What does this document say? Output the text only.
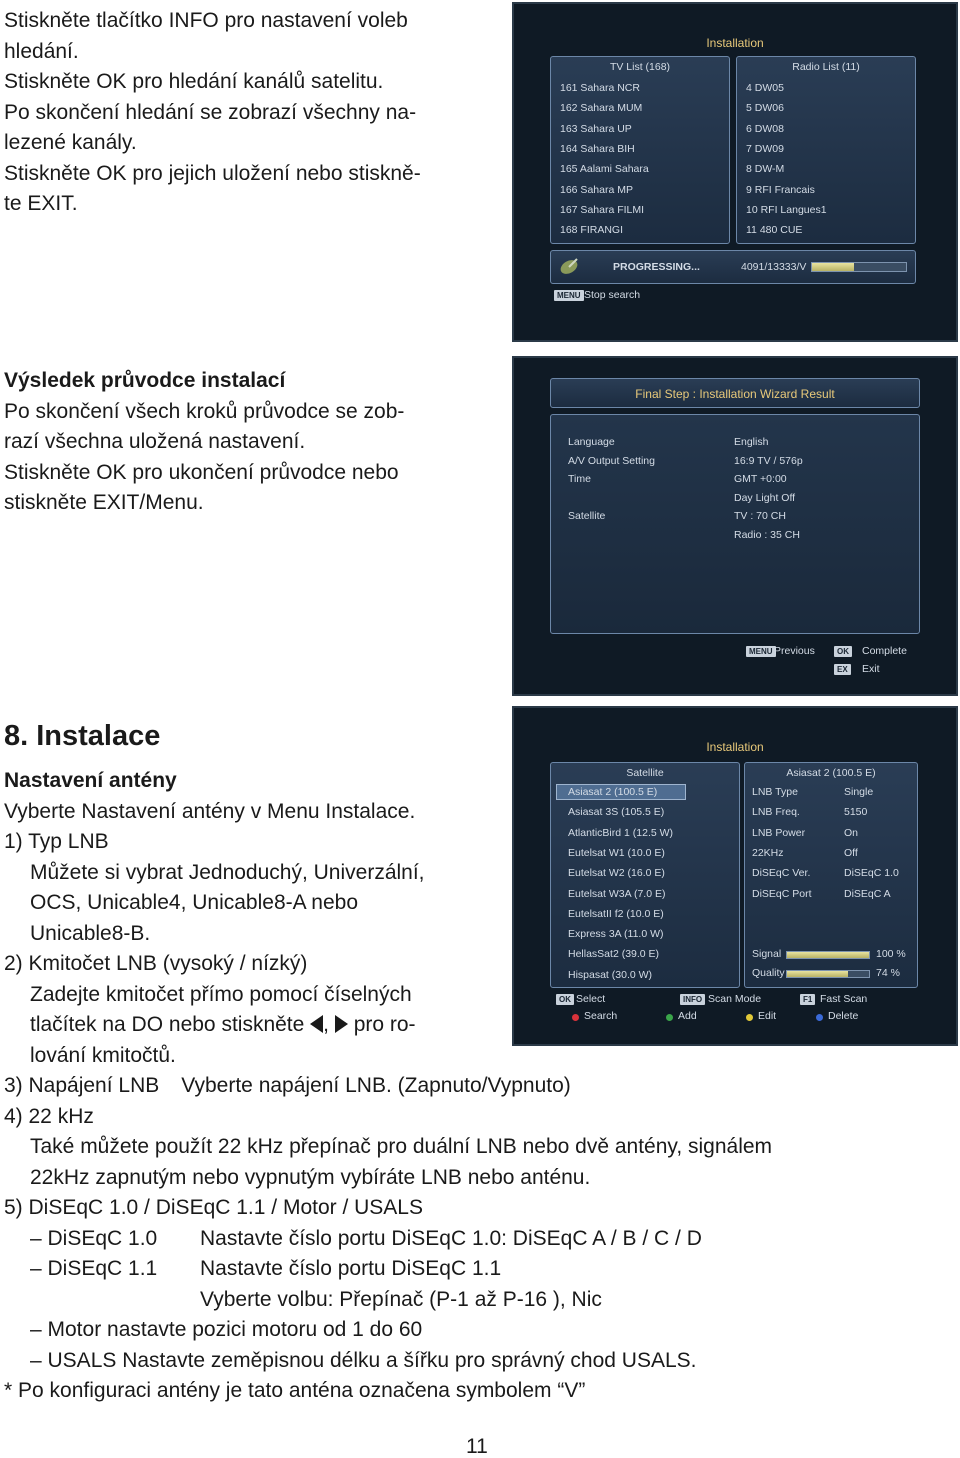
Stiskněte tlačítko INFO pro nastavení voleb
hledání.
Stiskněte OK pro hledání kanálů satelitu.
Po skončení hledání se zobrazí všechny na-
lezené kanály.
Stiskněte OK pro jejich uložení nebo stiskně-
te EXIT.
Installation
TV List (168)	Radio List (11)
161 Sahara NCR
162 Sahara MUM
163 Sahara UP
164 Sahara BIH
165 Aalami Sahara
166 Sahara MP
167 Sahara FILMI
168 FIRANGI
4 DW05
5 DW06
6 DW08
7 DW09
8 DW-M
9 RFI Francais
10 RFI Langues1
11 480 CUE
PROGRESSING...	4091/13333/V
MENU Stop search
Výsledek průvodce instalací
Po skončení všech kroků průvodce se zob-
razí všechna uložená nastavení.
Stiskněte OK pro ukončení průvodce nebo
stiskněte EXIT/Menu.
Final Step : Installation Wizard Result
Language	English
A/V Output Setting	16:9 TV / 576p
Time	GMT +0:00
Day Light Off
Satellite	TV : 70 CH
Radio : 35 CH
MENU Previous	OK Complete
EX Exit
8. Instalace
Nastavení antény
Vyberte Nastavení antény v Menu Instalace.
1) Typ LNB
Můžete si vybrat Jednoduchý, Univerzální,
OCS, Unicable4, Unicable8-A nebo
Unicable8-B.
2) Kmitočet LNB (vysoký / nízký)
Zadejte kmitočet přímo pomocí číselných
tlačítek na DO nebo stiskněte , pro ro-
lování kmitočtů.
3) Napájení LNB Vyberte napájení LNB. (Zapnuto/Vypnuto)
4) 22 kHz
Také můžete použít 22 kHz přepínač pro duální LNB nebo dvě antény, signálem
22kHz zapnutým nebo vypnutým vybíráte LNB nebo anténu.
5) DiSEqC 1.0 / DiSEqC 1.1 / Motor / USALS
– DiSEqC 1.0 Nastavte číslo portu DiSEqC 1.0: DiSEqC A / B / C / D
– DiSEqC 1.1 Nastavte číslo portu DiSEqC 1.1
Vyberte volbu: Přepínač (P-1 až P-16 ), Nic
– Motor nastavte pozici motoru od 1 do 60
– USALS Nastavte zeměpisnou délku a šířku pro správný chod USALS.
* Po konfiguraci antény je tato anténa označena symbolem “V”
Installation
Satellite	Asiasat 2 (100.5 E)
Asiasat 2 (100.5 E)
Asiasat 3S (105.5 E)
AtlanticBird 1 (12.5 W)
Eutelsat W1 (10.0 E)
Eutelsat W2 (16.0 E)
Eutelsat W3A (7.0 E)
EutelsatII f2 (10.0 E)
Express 3A (11.0 W)
HellasSat2 (39.0 E)
Hispasat (30.0 W)
LNB Type	Single
LNB Freq.	5150
LNB Power	On
22KHz	Off
DiSEqC Ver.	DiSEqC 1.0
DiSEqC Port	DiSEqC A
Signal	100 %
Quality	74 %
OK Select	INFO Scan Mode	F1 Fast Scan
Search	Add	Edit	Delete
11
